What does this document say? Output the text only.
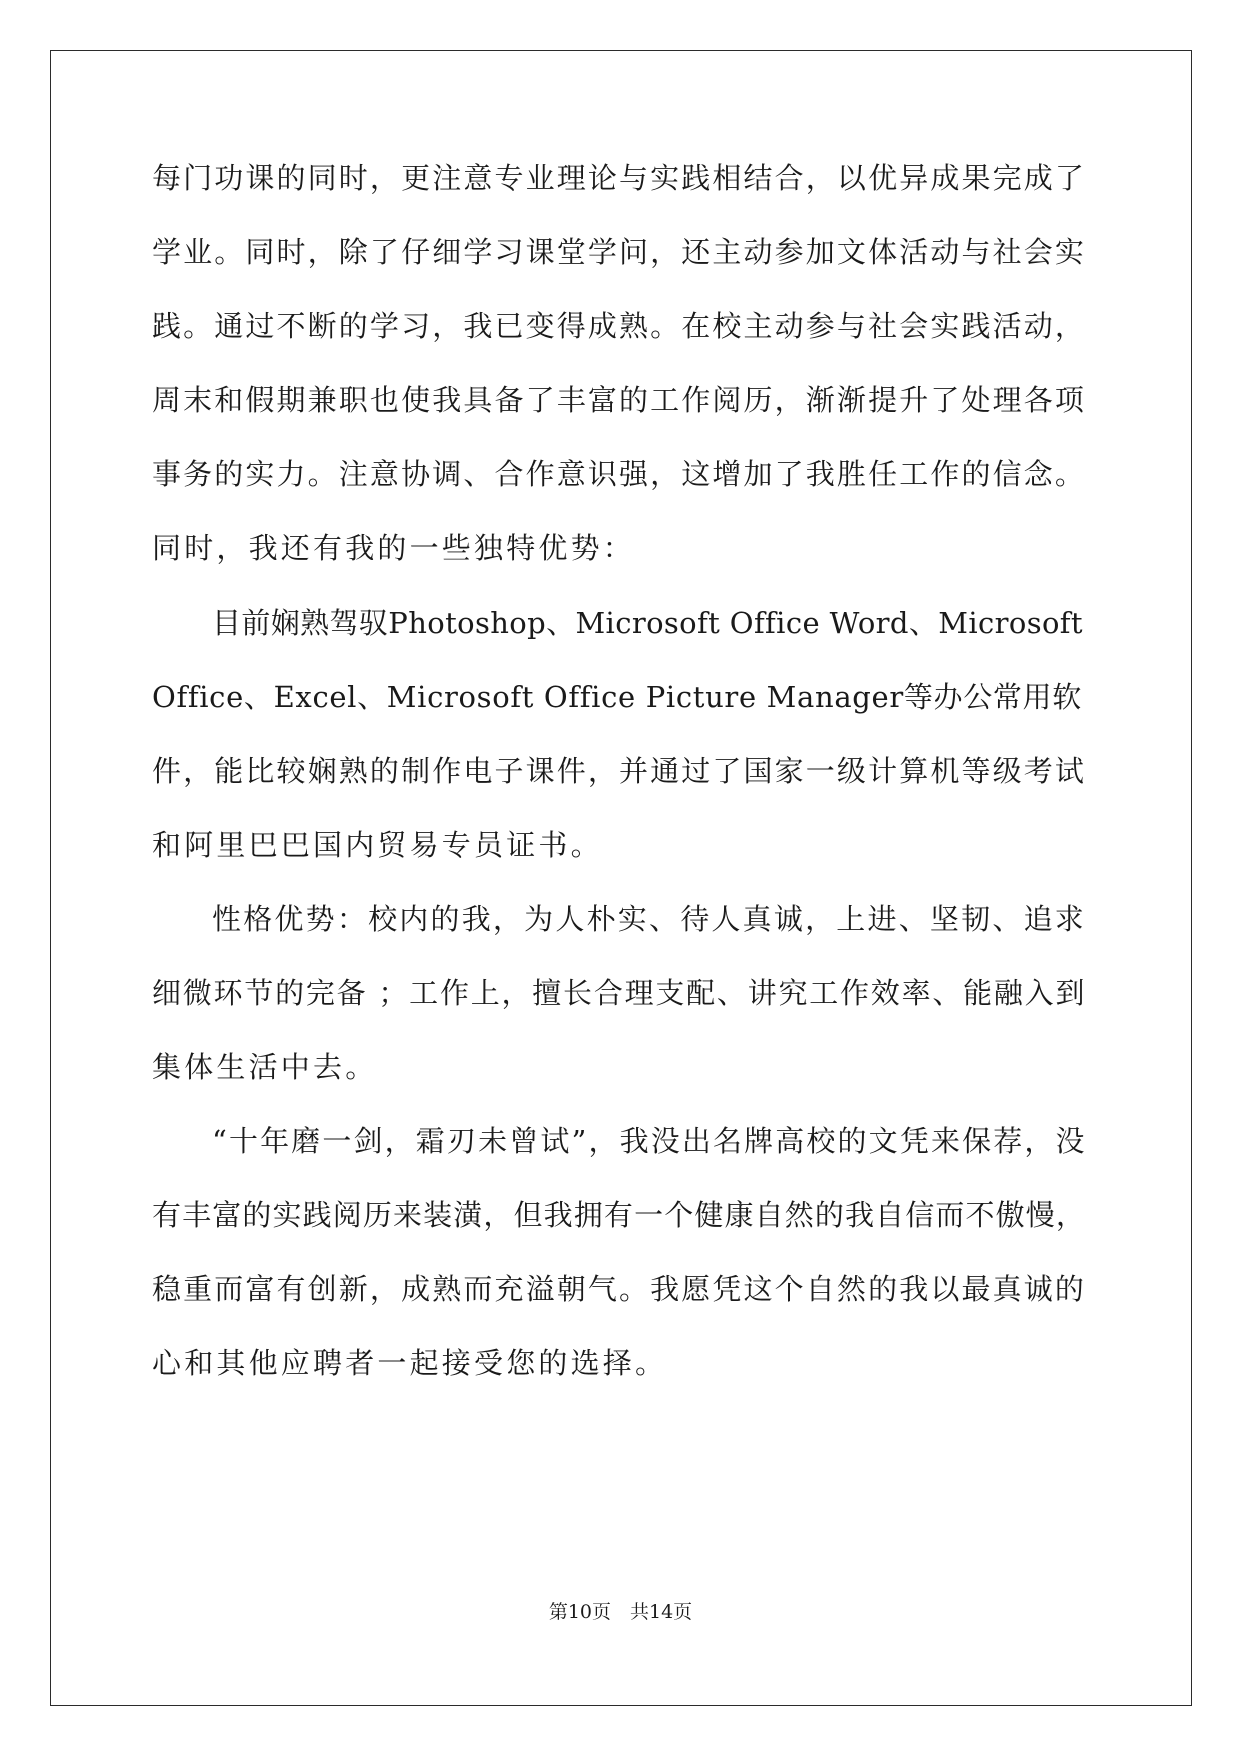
每门功课的同时，更注意专业理论与实践相结合，以优异成果完成了
学业。同时，除了仔细学习课堂学问，还主动参加文体活动与社会实
践。通过不断的学习，我已变得成熟。在校主动参与社会实践活动，
周末和假期兼职也使我具备了丰富的工作阅历，渐渐提升了处理各项
事务的实力。注意协调、合作意识强，这增加了我胜任工作的信念。
同时，我还有我的一些独特优势：
目前娴熟驾驭Photoshop、Microsoft Office Word、Microsoft
Office、Excel、Microsoft Office Picture Manager等办公常用软
件，能比较娴熟的制作电子课件，并通过了国家一级计算机等级考试
和阿里巴巴国内贸易专员证书。
性格优势：校内的我，为人朴实、待人真诚，上进、坚韧、追求
细微环节的完备 ；工作上，擅长合理支配、讲究工作效率、能融入到
集体生活中去。
“十年磨一剑，霜刃未曾试”，我没出名牌高校的文凭来保荐，没
有丰富的实践阅历来装潢，但我拥有一个健康自然的我自信而不傲慢，
稳重而富有创新，成熟而充溢朝气。我愿凭这个自然的我以最真诚的
心和其他应聘者一起接受您的选择。
第10页　共14页
